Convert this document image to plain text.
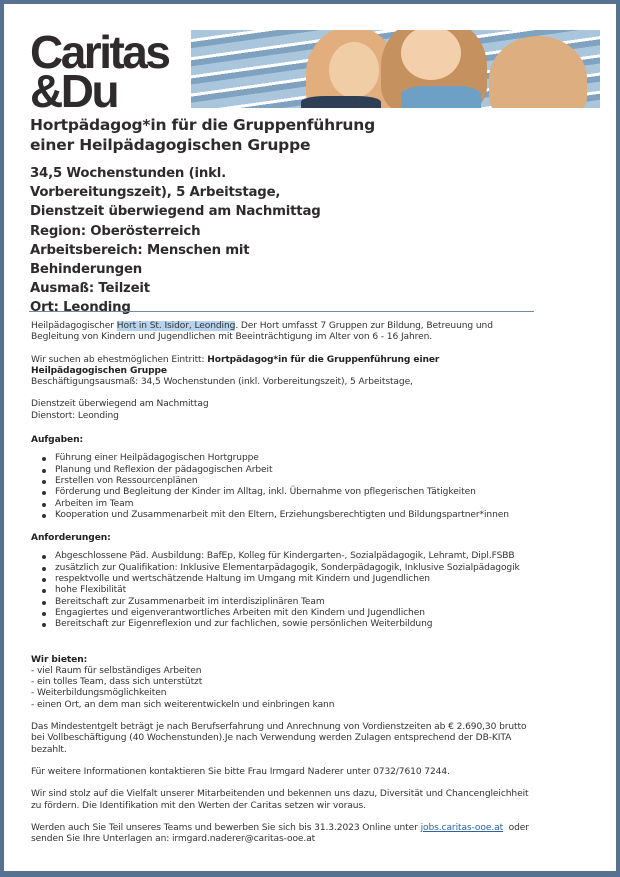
Caritas
&Du
Hortpädagog*in für die Gruppenführung
einer Heilpädagogischen Gruppe
34,5 Wochenstunden (inkl. Vorbereitungszeit), 5 Arbeitstage, Dienstzeit überwiegend am Nachmittag
Region: Oberösterreich
Arbeitsbereich: Menschen mit Behinderungen
Ausmaß: Teilzeit
Ort: Leonding

Heilpädagogischer Hort in St. Isidor, Leonding. Der Hort umfasst 7 Gruppen zur Bildung, Betreuung und Begleitung von Kindern und Jugendlichen mit Beeinträchtigung im Alter von 6 - 16 Jahren.

Wir suchen ab ehestmöglichen Eintritt: Hortpädagog*in für die Gruppenführung einer Heilpädagogischen Gruppe
Beschäftigungsausmaß: 34,5 Wochenstunden (inkl. Vorbereitungszeit), 5 Arbeitstage,

Dienstzeit überwiegend am Nachmittag
Dienstort: Leonding

Aufgaben:
Führung einer Heilpädagogischen Hortgruppe
Planung und Reflexion der pädagogischen Arbeit
Erstellen von Ressourcenplänen
Förderung und Begleitung der Kinder im Alltag, inkl. Übernahme von pflegerischen Tätigkeiten
Arbeiten im Team
Kooperation und Zusammenarbeit mit den Eltern, Erziehungsberechtigten und Bildungspartner*innen
Anforderungen:
Abgeschlossene Päd. Ausbildung: BafEp, Kolleg für Kindergarten-, Sozialpädagogik, Lehramt, Dipl.FSBB
zusätzlich zur Qualifikation: Inklusive Elementarpädagogik, Sonderpädagogik, Inklusive Sozialpädagogik
respektvolle und wertschätzende Haltung im Umgang mit Kindern und Jugendlichen
hohe Flexibilität
Bereitschaft zur Zusammenarbeit im interdisziplinären Team
Engagiertes und eigenverantwortliches Arbeiten mit den Kindern und Jugendlichen
Bereitschaft zur Eigenreflexion und zur fachlichen, sowie persönlichen Weiterbildung
Wir bieten:

- viel Raum für selbständiges Arbeiten
- ein tolles Team, dass sich unterstützt
- Weiterbildungsmöglichkeiten
- einen Ort, an dem man sich weiterentwickeln und einbringen kann

Das Mindestentgelt beträgt je nach Berufserfahrung und Anrechnung von Vordienstzeiten ab € 2.690,30 brutto bei Vollbeschäftigung (40 Wochenstunden).Je nach Verwendung werden Zulagen entsprechend der DB-KITA bezahlt.

Für weitere Informationen kontaktieren Sie bitte Frau Irmgard Naderer unter 0732/7610 7244.

Wir sind stolz auf die Vielfalt unserer Mitarbeitenden und bekennen uns dazu, Diversität und Chancengleichheit zu fördern. Die Identifikation mit den Werten der Caritas setzen wir voraus.

Werden auch Sie Teil unseres Teams und bewerben Sie sich bis 31.3.2023 Online unter jobs.caritas-ooe.at  oder senden Sie Ihre Unterlagen an: irmgard.naderer@caritas-ooe.at
